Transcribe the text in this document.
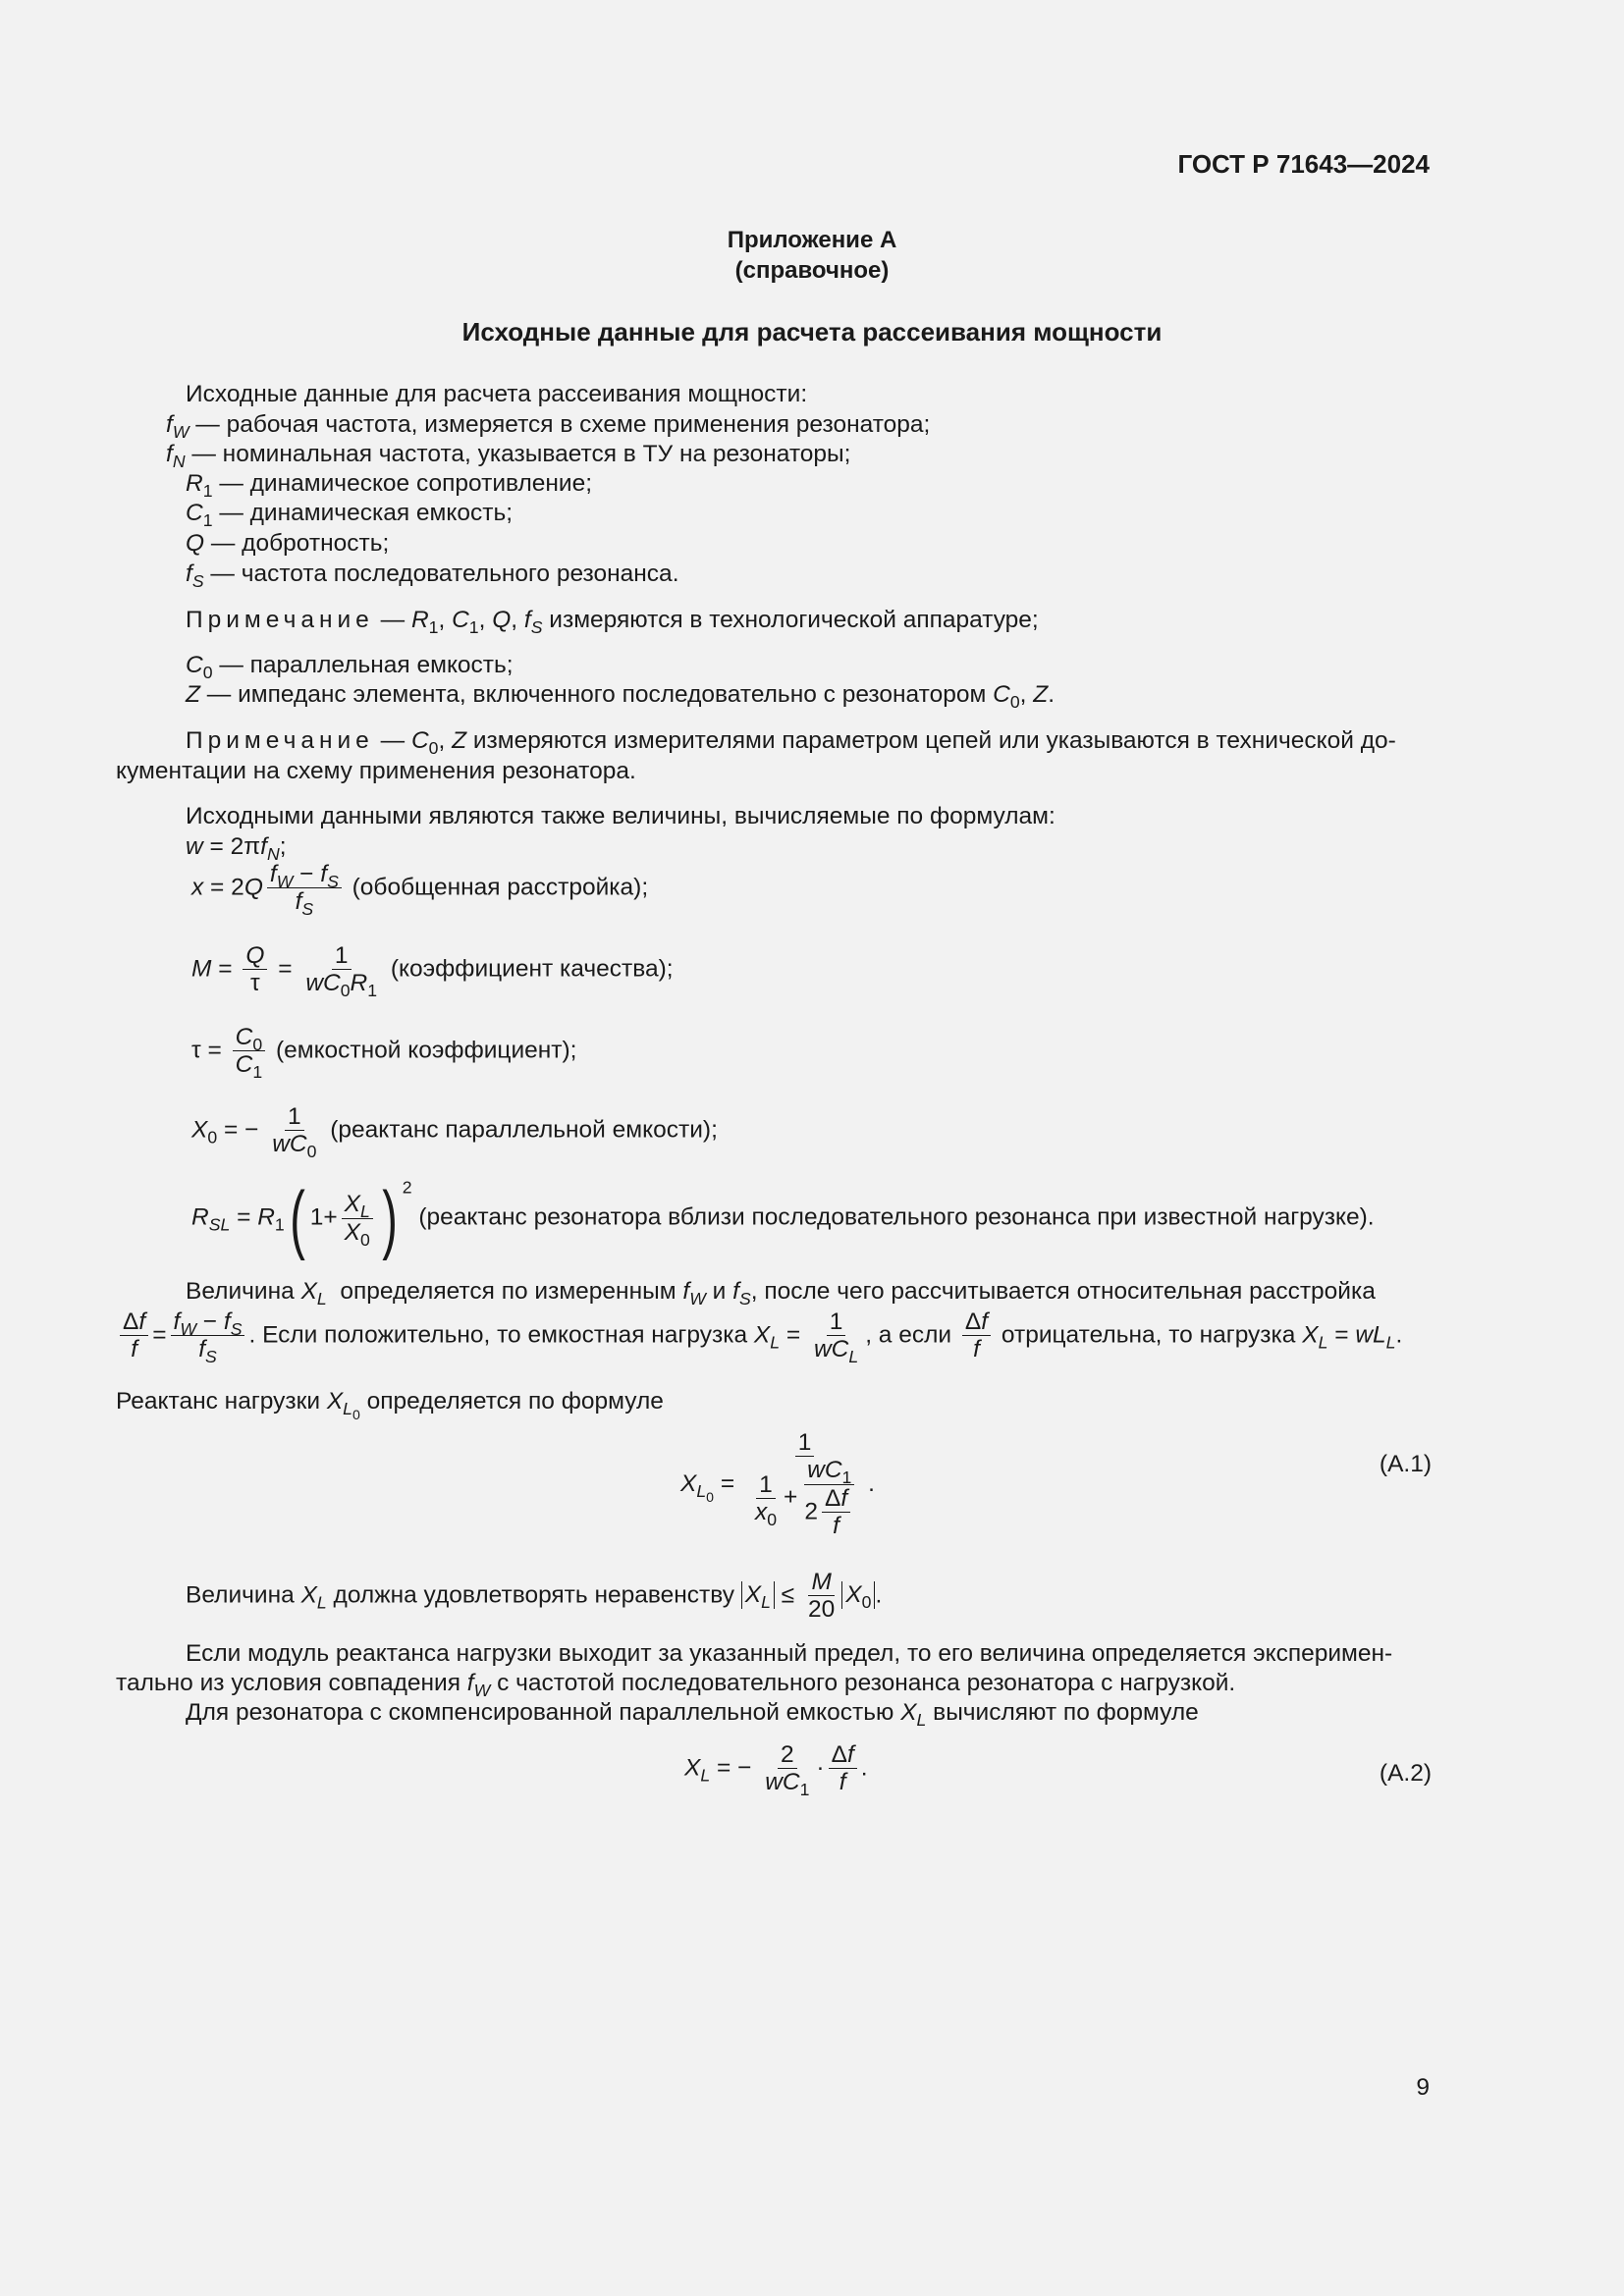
ГОСТ Р 71643—2024
Приложение А
(справочное)
Исходные данные для расчета рассеивания мощности
Исходные данные для расчета рассеивания мощности:
$f_W$ — рабочая частота, измеряется в схеме применения резонатора;
$f_N$ — номинальная частота, указывается в ТУ на резонаторы;
$R_1$ — динамическое сопротивление;
$C_1$ — динамическая емкость;
Q — добротность;
$f_S$ — частота последовательного резонанса.
Примечание — $R_1$, $C_1$, Q, $f_S$ измеряются в технологической аппаратуре;
$C_0$ — параллельная емкость;
Z — импеданс элемента, включенного последовательно с резонатором $C_0$, Z.
Примечание — $C_0$, Z измеряются измерителями параметром цепей или указываются в технической до-
кументации на схему применения резонатора.
Исходными данными являются также величины, вычисляемые по формулам:
$w = 2\pi f_N$;
$x = 2Q \frac{f_W - f_S}{f_S}$ (обобщенная расстройка);
$M = \frac{Q}{\tau} = \frac{1}{wC_0R_1}$ (коэффициент качества);
$\tau = \frac{C_0}{C_1}$ (емкостной коэффициент);
$X_0$ = − $\frac{1}{wC_0}$ (реактанс параллельной емкости);
$R_{SL} = R_1$( $1+ \frac{X_L}{X_0}$ ) $^2$ (реактанс резонатора вблизи последовательного резонанса при известной нагрузке).
Величина $X_L$ определяется по измеренным $f_W$ и $f_S$, после чего рассчитывается относительная расстройка
$\frac{\Delta f}{f} = \frac{f_W - f_S}{f_S}$ . Если положительно, то емкостная нагрузка $X_L = \frac{1}{wC_L}$ , а если $\frac{\Delta f}{f}$ отрицательна, то нагрузка $X_L = wL_L$.
Реактанс нагрузки $X_{L_0}$ определяется по формуле
$X_{L_0} = \frac{1}{\frac{1}{x_0} + \frac{wC_1}{2 \frac{\Delta f}{f}}}$ .
(А.1)
Величина $X_L$ должна удовлетворять неравенству $X_L \le \frac{M}{20} X_0$ .
Если модуль реактанса нагрузки выходит за указанный предел, то его величина определяется эксперимен-
тально из условия совпадения $f_W$ с частотой последовательного резонанса резонатора с нагрузкой.
Для резонатора с скомпенсированной параллельной емкостью $X_L$ вычисляют по формуле
$X_L$ = − $\frac{2}{wC_1} \cdot \frac{\Delta f}{f}$ .	(А.2)
9
